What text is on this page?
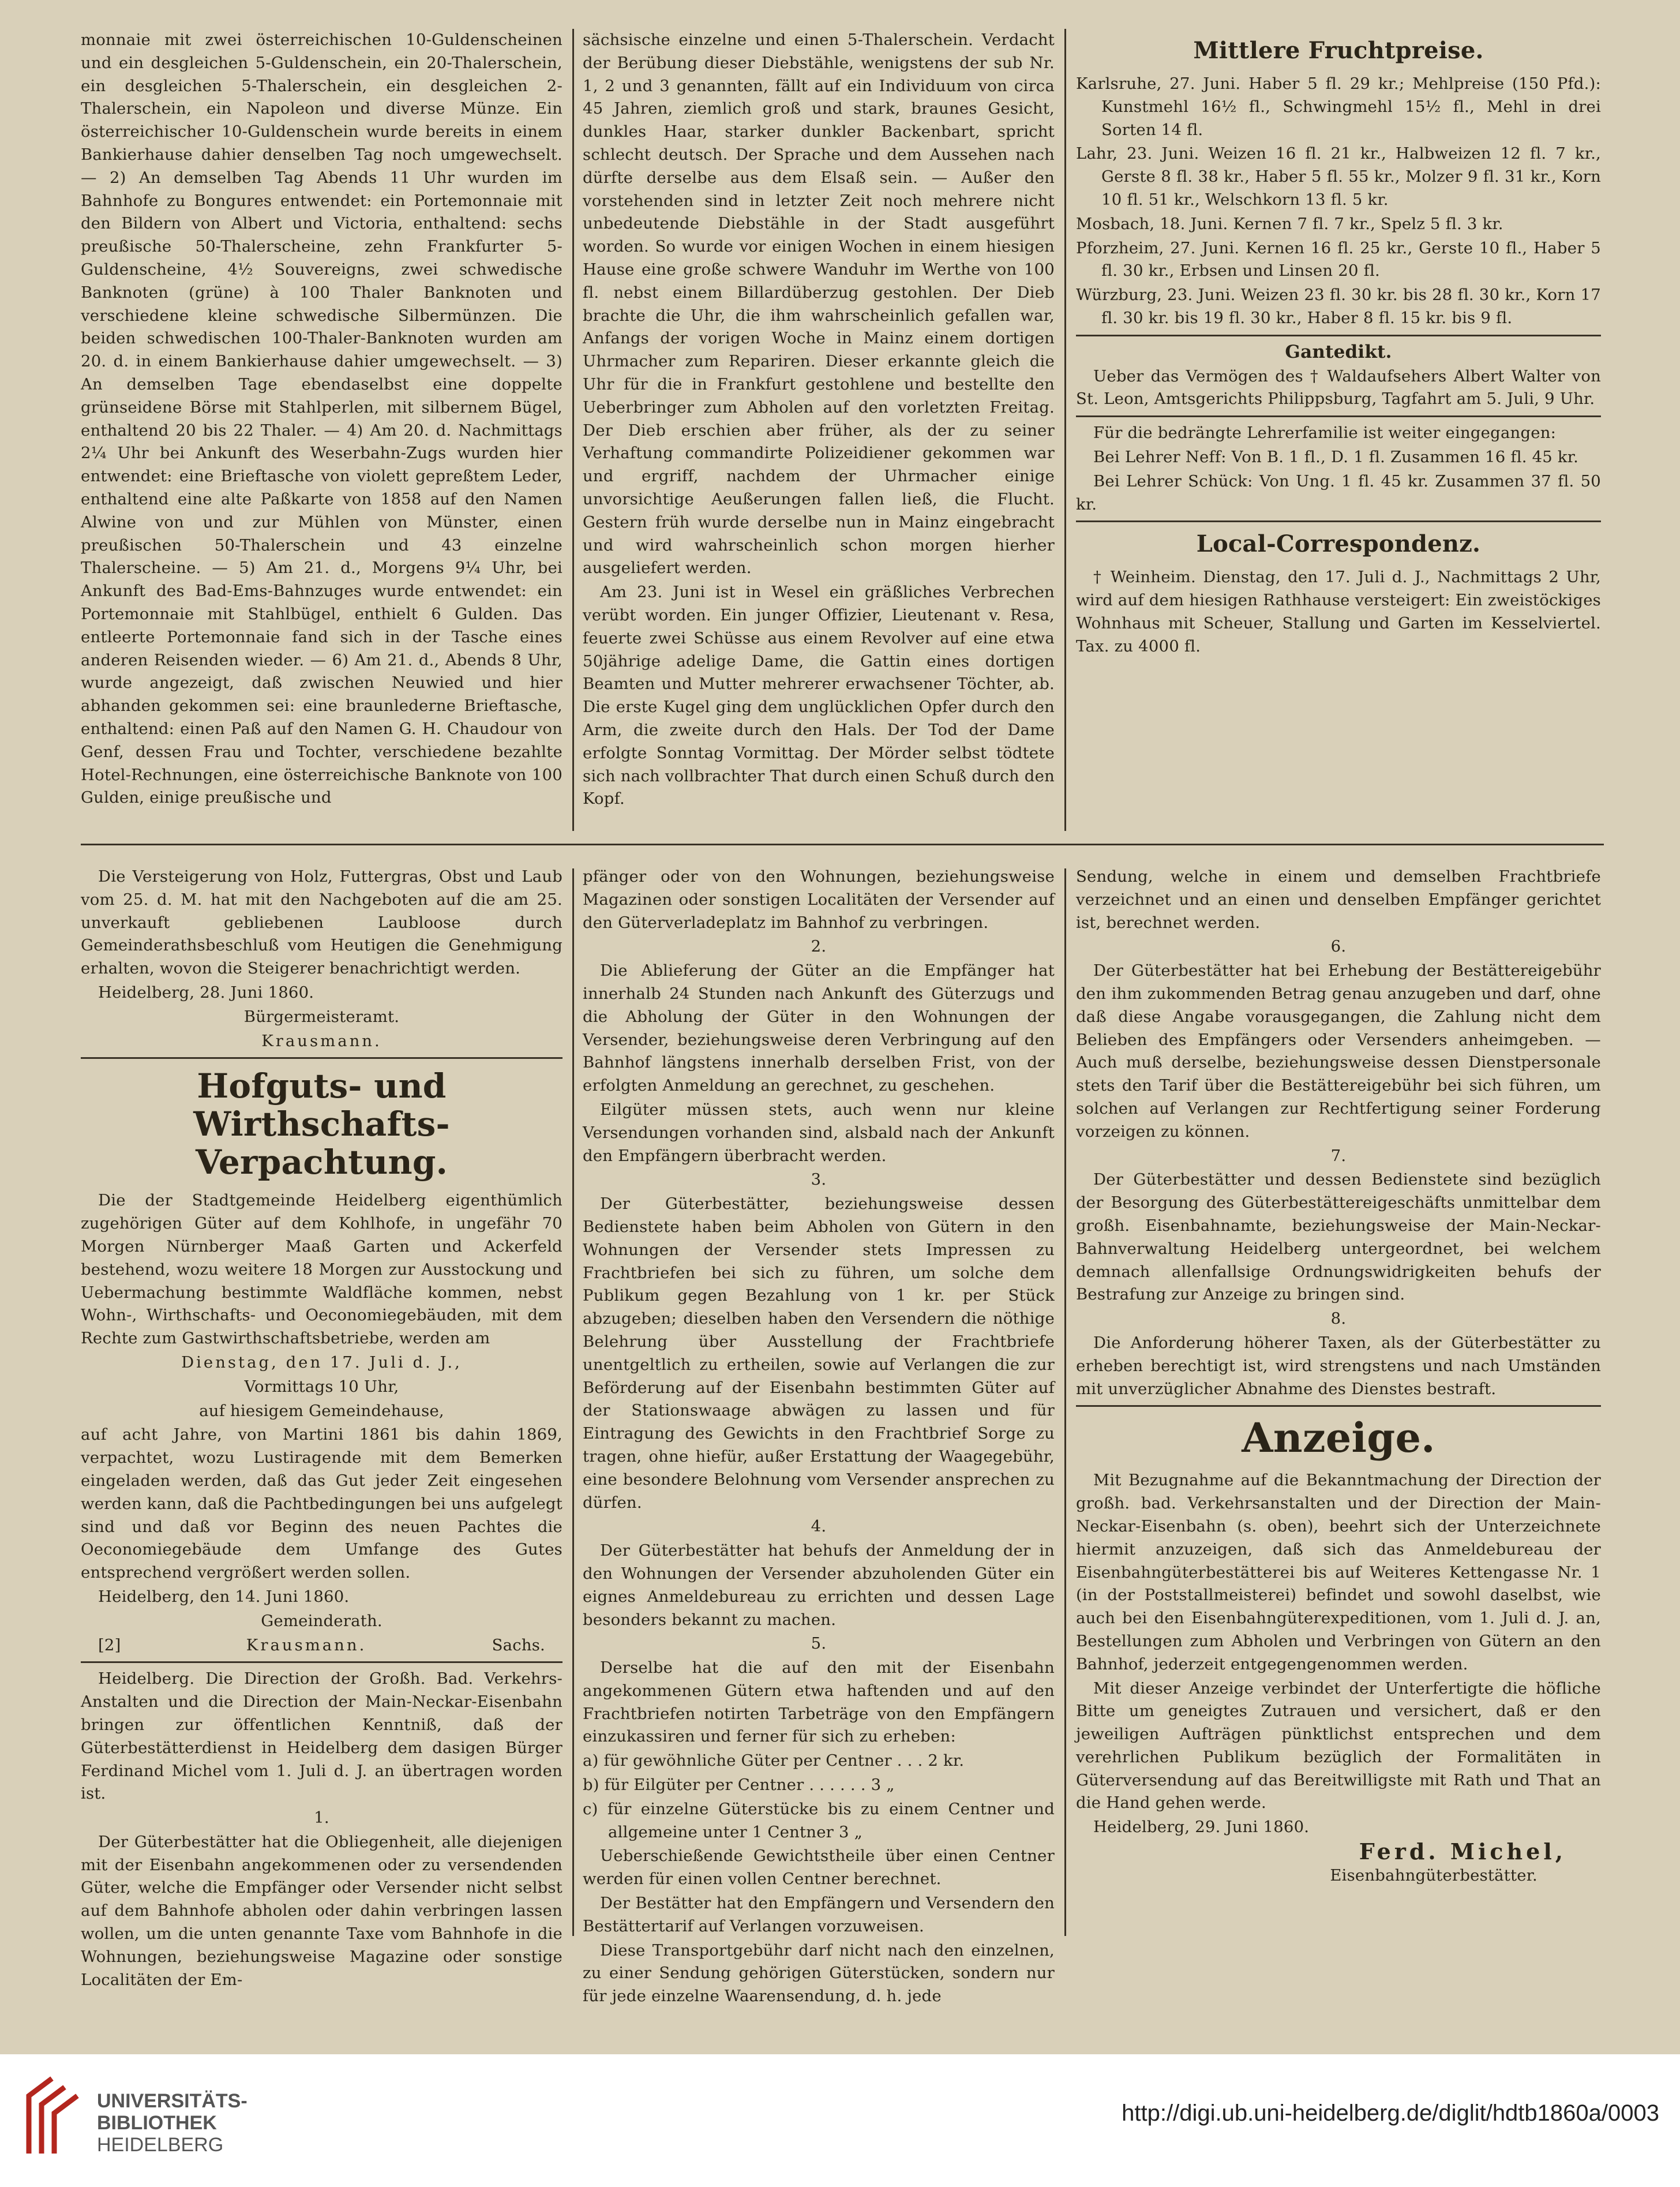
monnaie mit zwei österreichischen 10-Guldenscheinen und ein desgleichen 5-Guldenschein, ein 20-Thalerschein, ein desgleichen 5-Thalerschein, ein desgleichen 2-Thalerschein, ein Napoleon und diverse Münze. Ein österreichischer 10-Guldenschein wurde bereits in einem Bankierhause dahier denselben Tag noch umgewechselt. — 2) An demselben Tag Abends 11 Uhr wurden im Bahnhofe zu Bongures entwendet: ein Portemonnaie mit den Bildern von Albert und Victoria, enthaltend: sechs preußische 50-Thalerscheine, zehn Frankfurter 5-Guldenscheine, 4½ Souvereigns, zwei schwedische Banknoten (grüne) à 100 Thaler Banknoten und verschiedene kleine schwedische Silbermünzen. Die beiden schwedischen 100-Thaler-Banknoten wurden am 20. d. in einem Bankierhause dahier umgewechselt. — 3) An demselben Tage ebendaselbst eine doppelte grünseidene Börse mit Stahlperlen, mit silbernem Bügel, enthaltend 20 bis 22 Thaler. — 4) Am 20. d. Nachmittags 2¼ Uhr bei Ankunft des Weserbahn-Zugs wurden hier entwendet: eine Brieftasche von violett gepreßtem Leder, enthaltend eine alte Paßkarte von 1858 auf den Namen Alwine von und zur Mühlen von Münster, einen preußischen 50-Thalerschein und 43 einzelne Thalerscheine. — 5) Am 21. d., Morgens 9¼ Uhr, bei Ankunft des Bad-Ems-Bahnzuges wurde entwendet: ein Portemonnaie mit Stahlbügel, enthielt 6 Gulden. Das entleerte Portemonnaie fand sich in der Tasche eines anderen Reisenden wieder. — 6) Am 21. d., Abends 8 Uhr, wurde angezeigt, daß zwischen Neuwied und hier abhanden gekommen sei: eine braunlederne Brieftasche, enthaltend: einen Paß auf den Namen G. H. Chaudour von Genf, dessen Frau und Tochter, verschiedene bezahlte Hotel-Rechnungen, eine österreichische Banknote von 100 Gulden, einige preußische und

sächsische einzelne und einen 5-Thalerschein. Verdacht der Berübung dieser Diebstähle, wenigstens der sub Nr. 1, 2 und 3 genannten, fällt auf ein Individuum von circa 45 Jahren, ziemlich groß und stark, braunes Gesicht, dunkles Haar, starker dunkler Backenbart, spricht schlecht deutsch. Der Sprache und dem Aussehen nach dürfte derselbe aus dem Elsaß sein. — Außer den vorstehenden sind in letzter Zeit noch mehrere nicht unbedeutende Diebstähle in der Stadt ausgeführt worden. So wurde vor einigen Wochen in einem hiesigen Hause eine große schwere Wanduhr im Werthe von 100 fl. nebst einem Billardüberzug gestohlen. Der Dieb brachte die Uhr, die ihm wahrscheinlich gefallen war, Anfangs der vorigen Woche in Mainz einem dortigen Uhrmacher zum Repariren. Dieser erkannte gleich die Uhr für die in Frankfurt gestohlene und bestellte den Ueberbringer zum Abholen auf den vorletzten Freitag. Der Dieb erschien aber früher, als der zu seiner Verhaftung commandirte Polizeidiener gekommen war und ergriff, nachdem der Uhrmacher einige unvorsichtige Aeußerungen fallen ließ, die Flucht. Gestern früh wurde derselbe nun in Mainz eingebracht und wird wahrscheinlich schon morgen hierher ausgeliefert werden.

Am 23. Juni ist in Wesel ein gräßliches Verbrechen verübt worden. Ein junger Offizier, Lieutenant v. Resa, feuerte zwei Schüsse aus einem Revolver auf eine etwa 50jährige adelige Dame, die Gattin eines dortigen Beamten und Mutter mehrerer erwachsener Töchter, ab. Die erste Kugel ging dem unglücklichen Opfer durch den Arm, die zweite durch den Hals. Der Tod der Dame erfolgte Sonntag Vormittag. Der Mörder selbst tödtete sich nach vollbrachter That durch einen Schuß durch den Kopf.

Mittlere Fruchtpreise.

Karlsruhe, 27. Juni. Haber 5 fl. 29 kr.; Mehlpreise (150 Pfd.): Kunstmehl 16½ fl., Schwingmehl 15½ fl., Mehl in drei Sorten 14 fl.

Lahr, 23. Juni. Weizen 16 fl. 21 kr., Halbweizen 12 fl. 7 kr., Gerste 8 fl. 38 kr., Haber 5 fl. 55 kr., Molzer 9 fl. 31 kr., Korn 10 fl. 51 kr., Welschkorn 13 fl. 5 kr.

Mosbach, 18. Juni. Kernen 7 fl. 7 kr., Spelz 5 fl. 3 kr.

Pforzheim, 27. Juni. Kernen 16 fl. 25 kr., Gerste 10 fl., Haber 5 fl. 30 kr., Erbsen und Linsen 20 fl.

Würzburg, 23. Juni. Weizen 23 fl. 30 kr. bis 28 fl. 30 kr., Korn 17 fl. 30 kr. bis 19 fl. 30 kr., Haber 8 fl. 15 kr. bis 9 fl.

Gantedikt.

Ueber das Vermögen des † Waldaufsehers Albert Walter von St. Leon, Amtsgerichts Philippsburg, Tagfahrt am 5. Juli, 9 Uhr.

Für die bedrängte Lehrerfamilie ist weiter eingegangen:

Bei Lehrer Neff: Von B. 1 fl., D. 1 fl. Zusammen 16 fl. 45 kr.

Bei Lehrer Schück: Von Ung. 1 fl. 45 kr. Zusammen 37 fl. 50 kr.

Local-Correspondenz.

† Weinheim. Dienstag, den 17. Juli d. J., Nachmittags 2 Uhr, wird auf dem hiesigen Rathhause versteigert: Ein zweistöckiges Wohnhaus mit Scheuer, Stallung und Garten im Kesselviertel. Tax. zu 4000 fl.

Die Versteigerung von Holz, Futtergras, Obst und Laub vom 25. d. M. hat mit den Nachgeboten auf die am 25. unverkauft gebliebenen Laubloose durch Gemeinderathsbeschluß vom Heutigen die Genehmigung erhalten, wovon die Steigerer benachrichtigt werden.

Heidelberg, 28. Juni 1860.

Bürgermeisteramt.

Krausmann.

Hofguts- und Wirthschafts-
Verpachtung.

Die der Stadtgemeinde Heidelberg eigenthümlich zugehörigen Güter auf dem Kohlhofe, in ungefähr 70 Morgen Nürnberger Maaß Garten und Ackerfeld bestehend, wozu weitere 18 Morgen zur Ausstockung und Uebermachung bestimmte Waldfläche kommen, nebst Wohn-, Wirthschafts- und Oeconomiegebäuden, mit dem Rechte zum Gastwirthschaftsbetriebe, werden am

Dienstag, den 17. Juli d. J.,

Vormittags 10 Uhr,

auf hiesigem Gemeindehause,

auf acht Jahre, von Martini 1861 bis dahin 1869, verpachtet, wozu Lustiragende mit dem Bemerken eingeladen werden, daß das Gut jeder Zeit eingesehen werden kann, daß die Pachtbedingungen bei uns aufgelegt sind und daß vor Beginn des neuen Pachtes die Oeconomiegebäude dem Umfange des Gutes entsprechend vergrößert werden sollen.

Heidelberg, den 14. Juni 1860.

Gemeinderath.

[2]	Krausmann.	Sachs.

Heidelberg. Die Direction der Großh. Bad. Verkehrs-Anstalten und die Direction der Main-Neckar-Eisenbahn bringen zur öffentlichen Kenntniß, daß der Güterbestätterdienst in Heidelberg dem dasigen Bürger Ferdinand Michel vom 1. Juli d. J. an übertragen worden ist.

1.

Der Güterbestätter hat die Obliegenheit, alle diejenigen mit der Eisenbahn angekommenen oder zu versendenden Güter, welche die Empfänger oder Versender nicht selbst auf dem Bahnhofe abholen oder dahin verbringen lassen wollen, um die unten genannte Taxe vom Bahnhofe in die Wohnungen, beziehungsweise Magazine oder sonstige Localitäten der Em-

pfänger oder von den Wohnungen, beziehungsweise Magazinen oder sonstigen Localitäten der Versender auf den Güterverladeplatz im Bahnhof zu verbringen.

2.

Die Ablieferung der Güter an die Empfänger hat innerhalb 24 Stunden nach Ankunft des Güterzugs und die Abholung der Güter in den Wohnungen der Versender, beziehungsweise deren Verbringung auf den Bahnhof längstens innerhalb derselben Frist, von der erfolgten Anmeldung an gerechnet, zu geschehen.

Eilgüter müssen stets, auch wenn nur kleine Versendungen vorhanden sind, alsbald nach der Ankunft den Empfängern überbracht werden.

3.

Der Güterbestätter, beziehungsweise dessen Bedienstete haben beim Abholen von Gütern in den Wohnungen der Versender stets Impressen zu Frachtbriefen bei sich zu führen, um solche dem Publikum gegen Bezahlung von 1 kr. per Stück abzugeben; dieselben haben den Versendern die nöthige Belehrung über Ausstellung der Frachtbriefe unentgeltlich zu ertheilen, sowie auf Verlangen die zur Beförderung auf der Eisenbahn bestimmten Güter auf der Stationswaage abwägen zu lassen und für Eintragung des Gewichts in den Frachtbrief Sorge zu tragen, ohne hiefür, außer Erstattung der Waagegebühr, eine besondere Belohnung vom Versender ansprechen zu dürfen.

4.

Der Güterbestätter hat behufs der Anmeldung der in den Wohnungen der Versender abzuholenden Güter ein eignes Anmeldebureau zu errichten und dessen Lage besonders bekannt zu machen.

5.

Derselbe hat die auf den mit der Eisenbahn angekommenen Gütern etwa haftenden und auf den Frachtbriefen notirten Tarbeträge von den Empfängern einzukassiren und ferner für sich zu erheben:

a) für gewöhnliche Güter per Centner . . . 2 kr.

b) für Eilgüter per Centner . . . . . . 3 „

c) für einzelne Güterstücke bis zu einem Centner und allgemeine unter 1 Centner 3 „

Ueberschießende Gewichtstheile über einen Centner werden für einen vollen Centner berechnet.

Der Bestätter hat den Empfängern und Versendern den Bestättertarif auf Verlangen vorzuweisen.

Diese Transportgebühr darf nicht nach den einzelnen, zu einer Sendung gehörigen Güterstücken, sondern nur für jede einzelne Waarensendung, d. h. jede

Sendung, welche in einem und demselben Frachtbriefe verzeichnet und an einen und denselben Empfänger gerichtet ist, berechnet werden.

6.

Der Güterbestätter hat bei Erhebung der Bestättereigebühr den ihm zukommenden Betrag genau anzugeben und darf, ohne daß diese Angabe vorausgegangen, die Zahlung nicht dem Belieben des Empfängers oder Versenders anheimgeben. — Auch muß derselbe, beziehungsweise dessen Dienstpersonale stets den Tarif über die Bestättereigebühr bei sich führen, um solchen auf Verlangen zur Rechtfertigung seiner Forderung vorzeigen zu können.

7.

Der Güterbestätter und dessen Bedienstete sind bezüglich der Besorgung des Güterbestättereigeschäfts unmittelbar dem großh. Eisenbahnamte, beziehungsweise der Main-Neckar-Bahnverwaltung Heidelberg untergeordnet, bei welchem demnach allenfallsige Ordnungswidrigkeiten behufs der Bestrafung zur Anzeige zu bringen sind.

8.

Die Anforderung höherer Taxen, als der Güterbestätter zu erheben berechtigt ist, wird strengstens und nach Umständen mit unverzüglicher Abnahme des Dienstes bestraft.

Anzeige.

Mit Bezugnahme auf die Bekanntmachung der Direction der großh. bad. Verkehrsanstalten und der Direction der Main-Neckar-Eisenbahn (s. oben), beehrt sich der Unterzeichnete hiermit anzuzeigen, daß sich das Anmeldebureau der Eisenbahngüterbestätterei bis auf Weiteres Kettengasse Nr. 1 (in der Poststallmeisterei) befindet und sowohl daselbst, wie auch bei den Eisenbahngüterexpeditionen, vom 1. Juli d. J. an, Bestellungen zum Abholen und Verbringen von Gütern an den Bahnhof, jederzeit entgegengenommen werden.

Mit dieser Anzeige verbindet der Unterfertigte die höfliche Bitte um geneigtes Zutrauen und versichert, daß er den jeweiligen Aufträgen pünktlichst entsprechen und dem verehrlichen Publikum bezüglich der Formalitäten in Güterversendung auf das Bereitwilligste mit Rath und That an die Hand gehen werde.

Heidelberg, 29. Juni 1860.

Ferd. Michel,

Eisenbahngüterbestätter.

UNIVERSITÄTS-
BIBLIOTHEK
HEIDELBERG
http://digi.ub.uni-heidelberg.de/diglit/hdtb1860a/0003
